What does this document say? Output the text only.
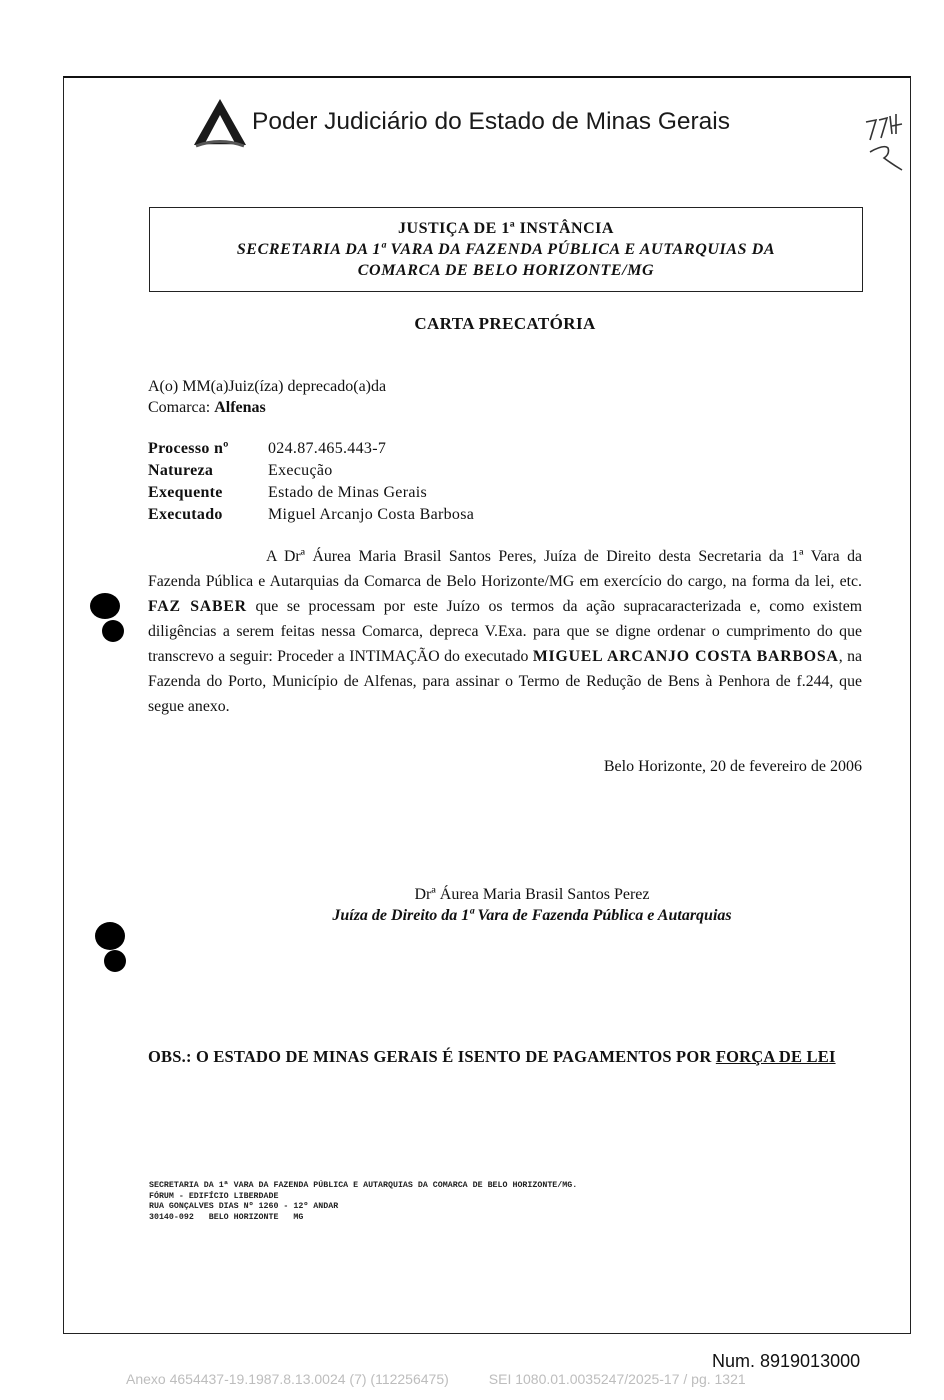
Poder Judiciário do Estado de Minas Gerais
JUSTIÇA DE 1ª INSTÂNCIA
SECRETARIA DA 1ª VARA DA FAZENDA PÚBLICA E AUTARQUIAS DA
COMARCA DE BELO HORIZONTE/MG
CARTA PRECATÓRIA
A(o) MM(a)Juiz(íza) deprecado(a)da
Comarca: Alfenas
Processo nº	024.87.465.443-7
Natureza	Execução
Exequente	Estado de Minas Gerais
Executado	Miguel Arcanjo Costa Barbosa

A Drª Áurea Maria Brasil Santos Peres, Juíza de Direito desta Secretaria da 1ª Vara da Fazenda Pública e Autarquias da Comarca de Belo Horizonte/MG em exercício do cargo, na forma da lei, etc. FAZ SABER que se processam por este Juízo os termos da ação supracaracterizada e, como existem diligências a serem feitas nessa Comarca, depreca V.Exa. para que se digne ordenar o cumprimento do que transcrevo a seguir: Proceder a INTIMAÇÃO do executado MIGUEL ARCANJO COSTA BARBOSA, na Fazenda do Porto, Município de Alfenas, para assinar o Termo de Redução de Bens à Penhora de f.244, que segue anexo.

Belo Horizonte, 20 de fevereiro de 2006
Drª Áurea Maria Brasil Santos Perez
Juíza de Direito da 1ª Vara de Fazenda Pública e Autarquias
OBS.: O ESTADO DE MINAS GERAIS É ISENTO DE PAGAMENTOS POR FORÇA DE LEI
SECRETARIA DA 1ª VARA DA FAZENDA PÚBLICA E AUTARQUIAS DA COMARCA DE BELO HORIZONTE/MG.
FÓRUM - EDIFÍCIO LIBERDADE
RUA GONÇALVES DIAS Nº 1260 - 12º ANDAR
30140-092   BELO HORIZONTE   MG
Num. 8919013000
Anexo 4654437-19.1987.8.13.0024 (7) (112256475)	SEI 1080.01.0035247/2025-17 / pg. 1321
